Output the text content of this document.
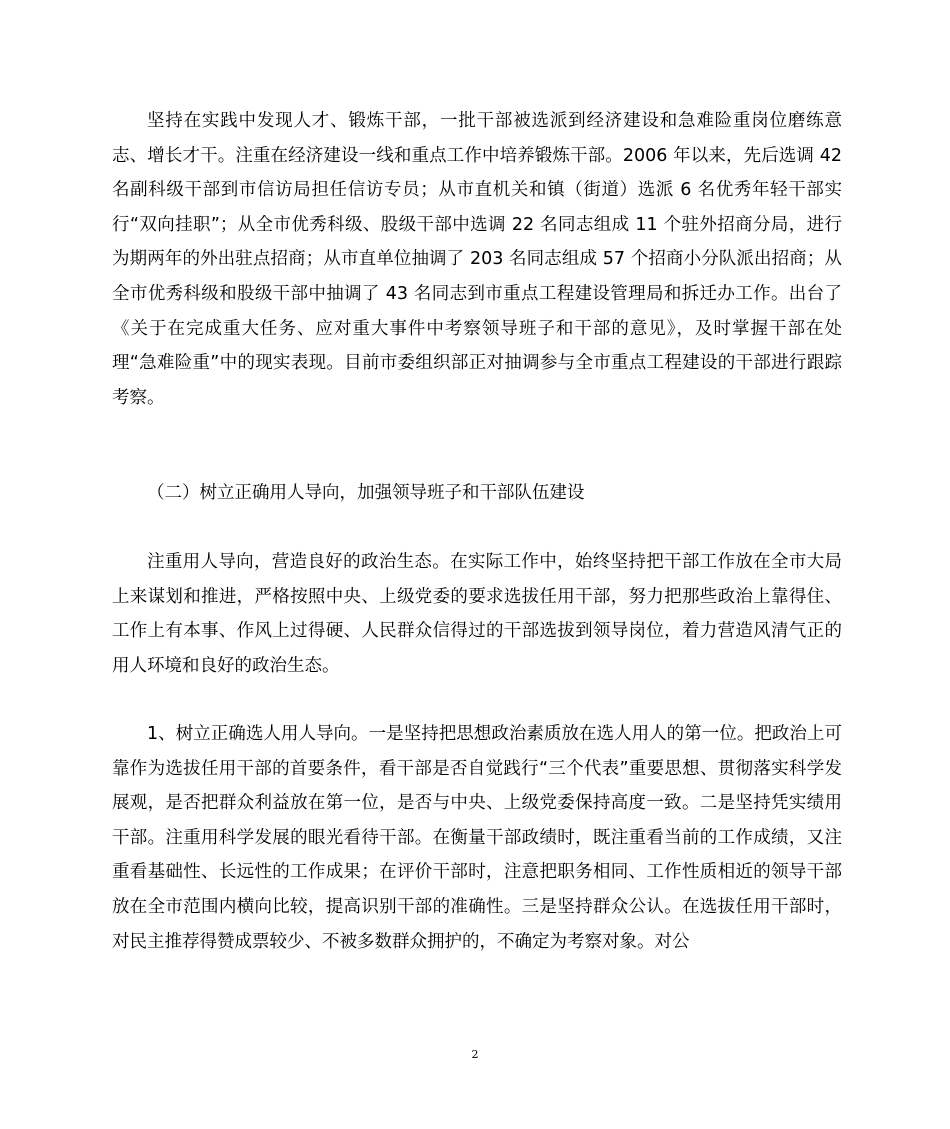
坚持在实践中发现人才、锻炼干部，一批干部被选派到经济建设和急难险重岗位磨练意志、增长才干。注重在经济建设一线和重点工作中培养锻炼干部。2006 年以来，先后选调 42 名副科级干部到市信访局担任信访专员；从市直机关和镇（街道）选派 6 名优秀年轻干部实行“双向挂职”；从全市优秀科级、股级干部中选调 22 名同志组成 11 个驻外招商分局，进行为期两年的外出驻点招商；从市直单位抽调了 203 名同志组成 57 个招商小分队派出招商；从全市优秀科级和股级干部中抽调了 43 名同志到市重点工程建设管理局和拆迁办工作。出台了《关于在完成重大任务、应对重大事件中考察领导班子和干部的意见》，及时掌握干部在处理“急难险重”中的现实表现。目前市委组织部正对抽调参与全市重点工程建设的干部进行跟踪考察。

（二）树立正确用人导向，加强领导班子和干部队伍建设

注重用人导向，营造良好的政治生态。在实际工作中，始终坚持把干部工作放在全市大局上来谋划和推进，严格按照中央、上级党委的要求选拔任用干部，努力把那些政治上靠得住、工作上有本事、作风上过得硬、人民群众信得过的干部选拔到领导岗位，着力营造风清气正的用人环境和良好的政治生态。

1、树立正确选人用人导向。一是坚持把思想政治素质放在选人用人的第一位。把政治上可靠作为选拔任用干部的首要条件，看干部是否自觉践行“三个代表”重要思想、贯彻落实科学发展观，是否把群众利益放在第一位，是否与中央、上级党委保持高度一致。二是坚持凭实绩用干部。注重用科学发展的眼光看待干部。在衡量干部政绩时，既注重看当前的工作成绩，又注重看基础性、长远性的工作成果；在评价干部时，注意把职务相同、工作性质相近的领导干部放在全市范围内横向比较，提高识别干部的准确性。三是坚持群众公认。在选拔任用干部时，对民主推荐得赞成票较少、不被多数群众拥护的，不确定为考察对象。对公

2
